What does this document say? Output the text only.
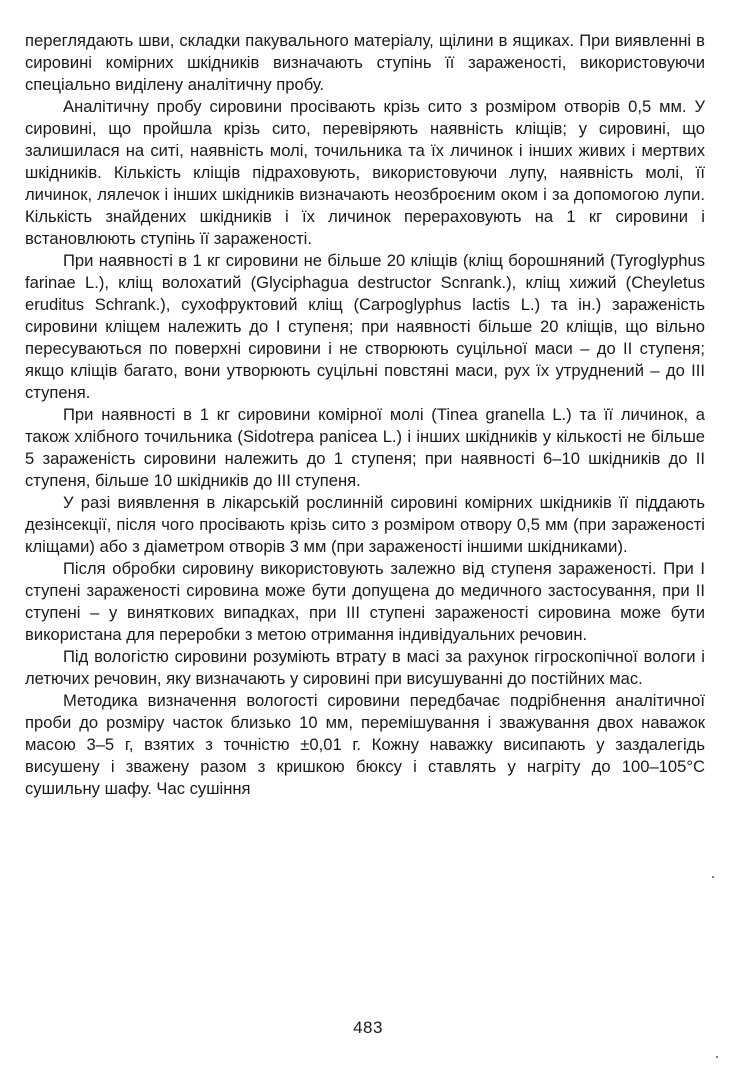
переглядають шви, складки пакувального матеріалу, щілини в ящиках. При виявленні в сировині комірних шкідників визначають ступінь її зараженості, використовуючи спеціально виділену аналітичну пробу.

Аналітичну пробу сировини просівають крізь сито з розміром отворів 0,5 мм. У сировині, що пройшла крізь сито, перевіряють наявність кліщів; у сировині, що залишилася на ситі, наявність молі, точильника та їх личинок і інших живих і мертвих шкідників. Кількість кліщів підраховують, використовуючи лупу, наявність молі, її личинок, лялечок і інших шкідників визначають неозброєним оком і за допомогою лупи. Кількість знайдених шкідників і їх личинок перераховують на 1 кг сировини і встановлюють ступінь її зараженості.

При наявності в 1 кг сировини не більше 20 кліщів (кліщ борошняний (Tyroglyphus farinae L.), кліщ волохатий (Glyciphagua destructor Scnrank.), кліщ хижий (Cheyletus eruditus Schrank.), сухофруктовий кліщ (Carpoglyphus lactis L.) та ін.) зараженість сировини кліщем належить до І ступеня; при наявності більше 20 кліщів, що вільно пересуваються по поверхні сировини і не створюють суцільної маси – до II ступеня; якщо кліщів багато, вони утворюють суцільні повстяні маси, рух їх утруднений – до III ступеня.

При наявності в 1 кг сировини комірної молі (Tinea granella L.) та її личинок, а також хлібного точильника (Sidotrepa panicea L.) і інших шкідників у кількості не більше 5 зараженість сировини належить до 1 ступеня; при наявності 6–10 шкідників до II ступеня, більше 10 шкідників до III ступеня.

У разі виявлення в лікарській рослинній сировині комірних шкідників її піддають дезінсекції, після чого просівають крізь сито з розміром отвору 0,5 мм (при зараженості кліщами) або з діаметром отворів 3 мм (при зараженості іншими шкідниками).

Після обробки сировину використовують залежно від ступеня зараженості. При І ступені зараженості сировина може бути допущена до медичного застосування, при II ступені – у виняткових випадках, при III ступені зараженості сировина може бути використана для переробки з метою отримання індивідуальних речовин.

Під вологістю сировини розуміють втрату в масі за рахунок гігроскопічної вологи і летючих речовин, яку визначають у сировині при висушуванні до постійних мас.

Методика визначення вологості сировини передбачає подрібнення аналітичної проби до розміру часток близько 10 мм, перемішування і зважування двох наважок масою 3–5 г, взятих з точністю ±0,01 г. Кожну наважку висипають у заздалегідь висушену і зважену разом з кришкою бюксу і ставлять у нагріту до 100–105°С сушильну шафу. Час сушіння

483
